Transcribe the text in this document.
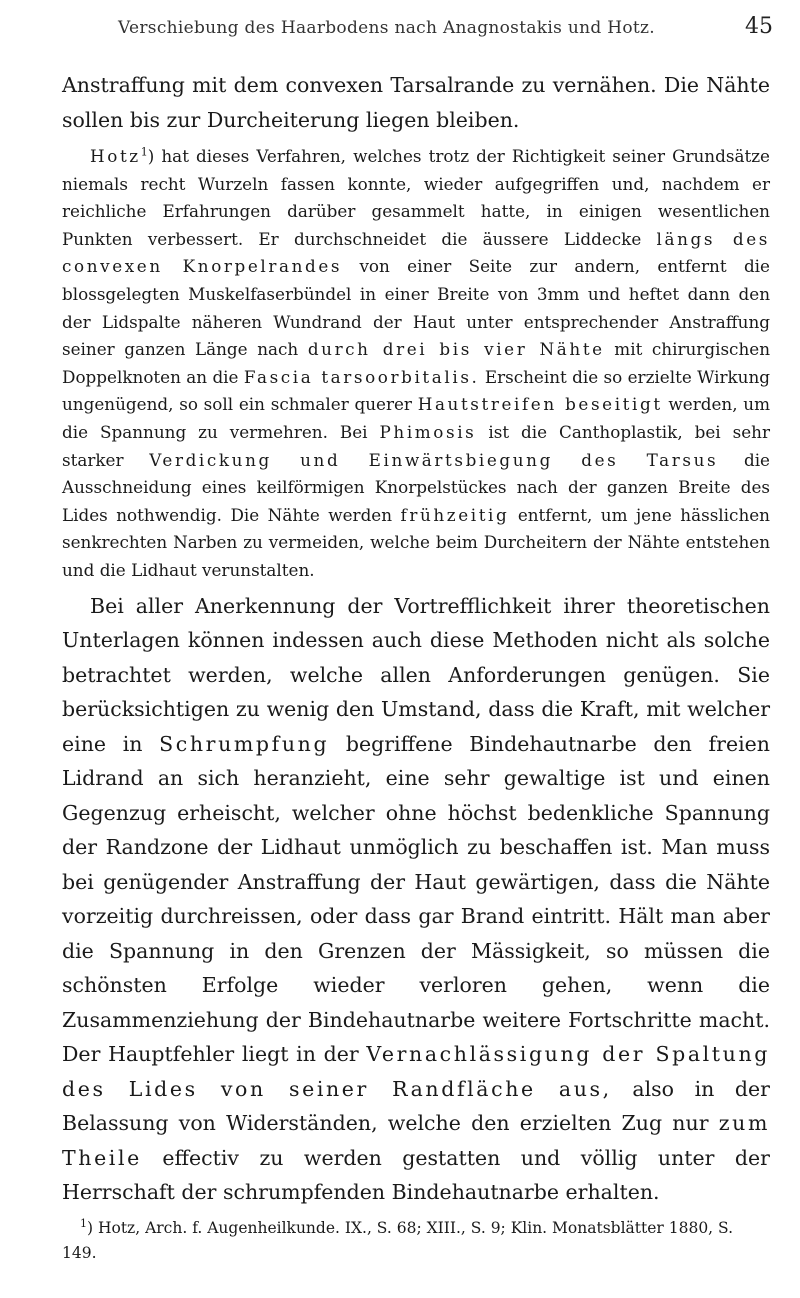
Verschiebung des Haarbodens nach Anagnostakis und Hotz.	45

Anstraffung mit dem convexen Tarsalrande zu vernähen. Die Nähte sollen bis zur Durcheiterung liegen bleiben.

Hotz$^1$) hat dieses Verfahren, welches trotz der Richtigkeit seiner Grundsätze niemals recht Wurzeln fassen konnte, wieder aufgegriffen und, nachdem er reichliche Erfahrungen darüber gesammelt hatte, in einigen wesentlichen Punkten verbessert. Er durchschneidet die äussere Liddecke längs des convexen Knorpelrandes von einer Seite zur andern, entfernt die blossgelegten Muskelfaserbündel in einer Breite von 3mm und heftet dann den der Lidspalte näheren Wundrand der Haut unter entsprechender Anstraffung seiner ganzen Länge nach durch drei bis vier Nähte mit chirurgischen Doppelknoten an die Fascia tarsoorbitalis. Erscheint die so erzielte Wirkung ungenügend, so soll ein schmaler querer Hautstreifen beseitigt werden, um die Spannung zu vermehren. Bei Phimosis ist die Canthoplastik, bei sehr starker Verdickung und Einwärtsbiegung des Tarsus die Ausschneidung eines keilförmigen Knorpelstückes nach der ganzen Breite des Lides nothwendig. Die Nähte werden frühzeitig entfernt, um jene hässlichen senkrechten Narben zu vermeiden, welche beim Durcheitern der Nähte entstehen und die Lidhaut verunstalten.

Bei aller Anerkennung der Vortrefflichkeit ihrer theoretischen Unterlagen können indessen auch diese Methoden nicht als solche betrachtet werden, welche allen Anforderungen genügen. Sie berücksichtigen zu wenig den Umstand, dass die Kraft, mit welcher eine in Schrumpfung begriffene Bindehautnarbe den freien Lidrand an sich heranzieht, eine sehr gewaltige ist und einen Gegenzug erheischt, welcher ohne höchst bedenkliche Spannung der Randzone der Lidhaut unmöglich zu beschaffen ist. Man muss bei genügender Anstraffung der Haut gewärtigen, dass die Nähte vorzeitig durchreissen, oder dass gar Brand eintritt. Hält man aber die Spannung in den Grenzen der Mässigkeit, so müssen die schönsten Erfolge wieder verloren gehen, wenn die Zusammenziehung der Bindehautnarbe weitere Fortschritte macht. Der Hauptfehler liegt in der Vernachlässigung der Spaltung des Lides von seiner Randfläche aus, also in der Belassung von Widerständen, welche den erzielten Zug nur zum Theile effectiv zu werden gestatten und völlig unter der Herrschaft der schrumpfenden Bindehautnarbe erhalten.

$^1$) Hotz, Arch. f. Augenheilkunde. IX., S. 68; XIII., S. 9; Klin. Monatsblätter 1880, S. 149.
